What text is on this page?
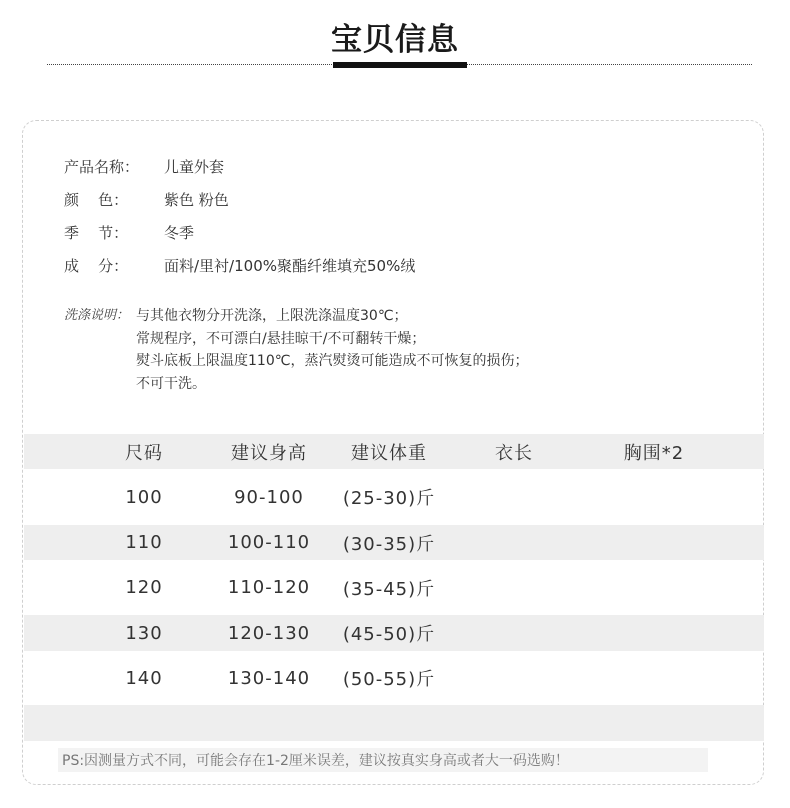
宝贝信息
产品名称：	儿童外套
颜    色：	紫色 粉色
季    节：	冬季
成    分：	面料/里衬/100%聚酯纤维填充50%绒
洗涤说明： 与其他衣物分开洗涤，上限洗涤温度30℃；
常规程序，不可漂白/悬挂晾干/不可翻转干燥；
熨斗底板上限温度110℃，蒸汽熨烫可能造成不可恢复的损伤；
不可干洗。
尺码	建议身高	建议体重	衣长	胸围*2
100	90-100	(25-30)斤
110	100-110	(30-35)斤
120	110-120	(35-45)斤
130	120-130	(45-50)斤
140	130-140	(50-55)斤
PS:因测量方式不同，可能会存在1-2厘米误差，建议按真实身高或者大一码选购！
